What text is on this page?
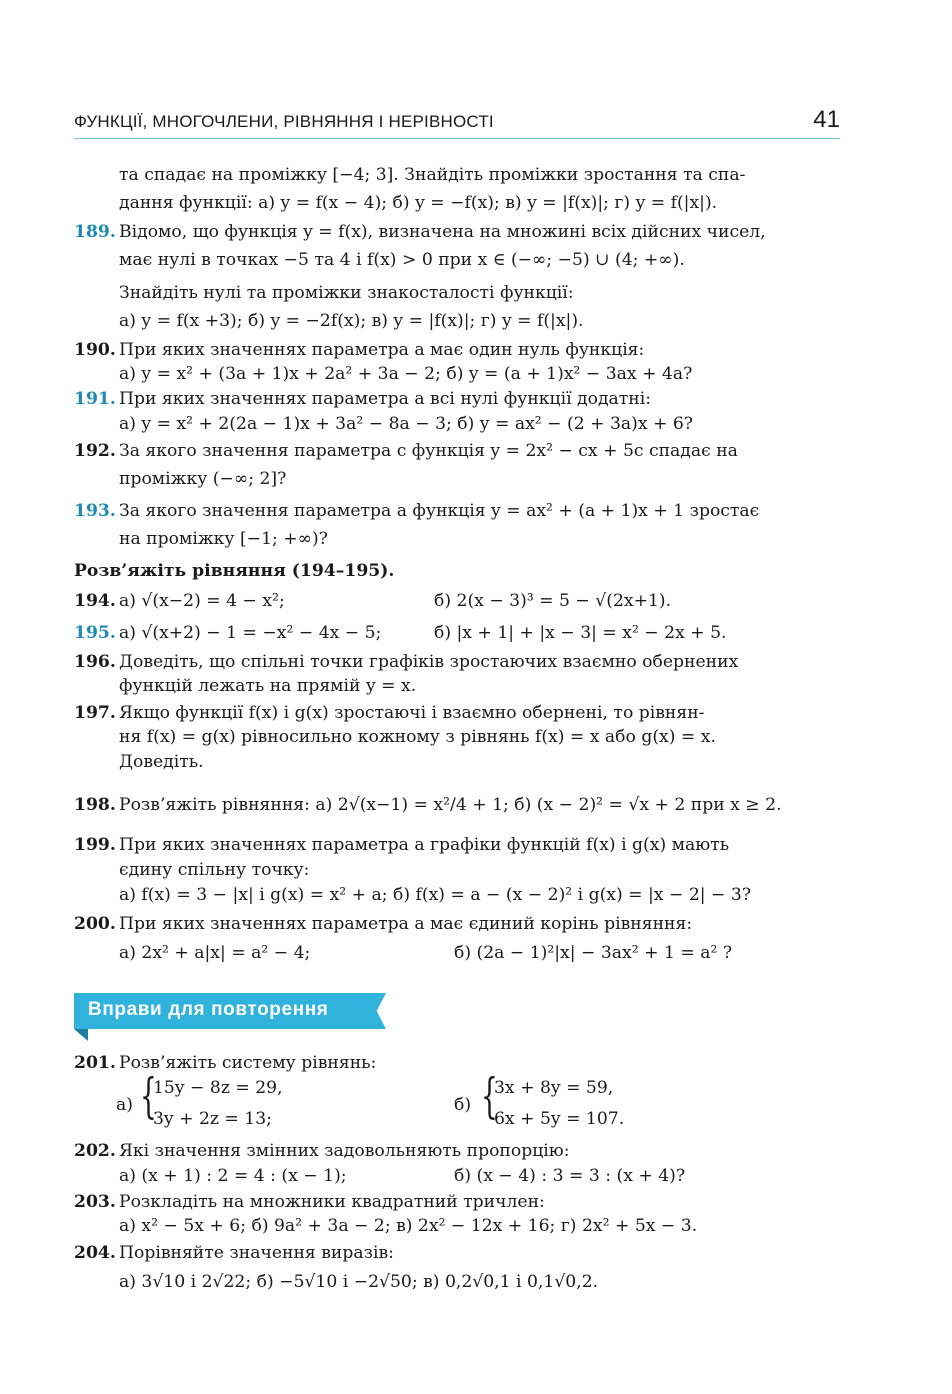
ФУНКЦІЇ, МНОГОЧЛЕНИ, РІВНЯННЯ І НЕРІВНОСТІ	41
та спадає на проміжку [−4; 3]. Знайдіть проміжки зростання та спа-
дання функції: а) y = f(x − 4); б) y = −f(x); в) y = |f(x)|; г) y = f(|x|).
189. Відомо, що функція y = f(x), визначена на множині всіх дійсних чисел,
має нулі в точках −5 та 4 і f(x) > 0 при x ∈ (−∞; −5) ∪ (4; +∞).
Знайдіть нулі та проміжки знакосталості функції:
а) y = f(x +3); б) y = −2f(x); в) y = |f(x)|; г) y = f(|x|).
190. При яких значеннях параметра a має один нуль функція:
а) y = x² + (3a + 1)x + 2a² + 3a − 2; б) y = (a + 1)x² − 3ax + 4a?
191. При яких значеннях параметра a всі нулі функції додатні:
а) y = x² + 2(2a − 1)x + 3a² − 8a − 3; б) y = ax² − (2 + 3a)x + 6?
192. За якого значення параметра c функція y = 2x² − cx + 5c спадає на
проміжку (−∞; 2]?
193. За якого значення параметра a функція y = ax² + (a + 1)x + 1 зростає
на проміжку [−1; +∞)?
Розв’яжіть рівняння (194–195).
194. а) √(x−2) = 4 − x²;	б) 2(x − 3)³ = 5 − √(2x+1).
195. а) √(x+2) − 1 = −x² − 4x − 5;	б) |x + 1| + |x − 3| = x² − 2x + 5.
196. Доведіть, що спільні точки графіків зростаючих взаємно обернених
функцій лежать на прямій y = x.
197. Якщо функції f(x) і g(x) зростаючі і взаємно обернені, то рівнян-
ня f(x) = g(x) рівносильно кожному з рівнянь f(x) = x або g(x) = x.
Доведіть.
198. Розв’яжіть рівняння: а) 2√(x−1) = x²/4 + 1; б) (x − 2)² = √x + 2 при x ≥ 2.
199. При яких значеннях параметра a графіки функцій f(x) і g(x) мають
єдину спільну точку:
а) f(x) = 3 − |x| і g(x) = x² + a; б) f(x) = a − (x − 2)² і g(x) = |x − 2| − 3?
200. При яких значеннях параметра a має єдиний корінь рівняння:
а) 2x² + a|x| = a² − 4;	б) (2a − 1)²|x| − 3ax² + 1 = a² ?
Вправи для повторення
201. Розв’яжіть систему рівнянь:
а) {
15y − 8z = 29,
3y + 2z = 13;
б) {
3x + 8y = 59,
6x + 5y = 107.
202. Які значення змінних задовольняють пропорцію:
а) (x + 1) : 2 = 4 : (x − 1);	б) (x − 4) : 3 = 3 : (x + 4)?
203. Розкладіть на множники квадратний тричлен:
а) x² − 5x + 6; б) 9a² + 3a − 2; в) 2x² − 12x + 16; г) 2x² + 5x − 3.
204. Порівняйте значення виразів:
а) 3√10 і 2√22; б) −5√10 і −2√50; в) 0,2√0,1 і 0,1√0,2.
